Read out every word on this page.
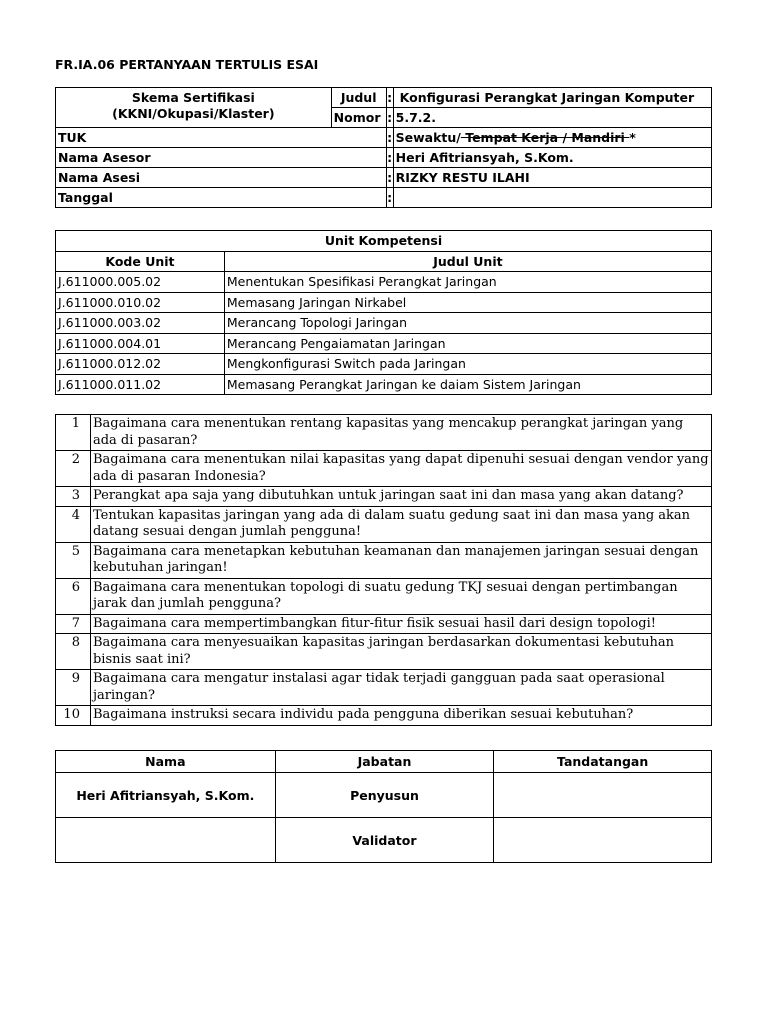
FR.IA.06 PERTANYAAN TERTULIS ESAI
Skema Sertifikasi
(KKNI/Okupasi/Klaster)	Judul	:	Konfigurasi Perangkat Jaringan Komputer
	Nomor	:	5.7.2.
TUK		:	Sewaktu/ Tempat Kerja / Mandiri *
Nama Asesor		:	Heri Afitriansyah, S.Kom.
Nama Asesi		:	RIZKY RESTU ILAHI
Tanggal		:	
Unit Kompetensi	
Kode Unit	Judul Unit
J.611000.005.02	Menentukan Spesifikasi Perangkat Jaringan
J.611000.010.02	Memasang Jaringan Nirkabel
J.611000.003.02	Merancang Topologi Jaringan
J.611000.004.01	Merancang Pengaiamatan Jaringan
J.611000.012.02	Mengkonfigurasi Switch pada Jaringan
J.611000.011.02	Memasang Perangkat Jaringan ke daiam Sistem Jaringan
1	Bagaimana cara menentukan rentang kapasitas yang mencakup perangkat jaringan yang ada di pasaran?
2	Bagaimana cara menentukan nilai kapasitas yang dapat dipenuhi sesuai dengan vendor yang ada di pasaran Indonesia?
3	Perangkat apa saja yang dibutuhkan untuk jaringan saat ini dan masa yang akan datang?
4	Tentukan kapasitas jaringan yang ada di dalam suatu gedung saat ini dan masa yang akan datang sesuai dengan jumlah pengguna!
5	Bagaimana cara menetapkan kebutuhan keamanan dan manajemen jaringan sesuai dengan kebutuhan jaringan!
6	Bagaimana cara menentukan topologi di suatu gedung TKJ sesuai dengan pertimbangan jarak dan jumlah pengguna?
7	Bagaimana cara mempertimbangkan fitur-fitur fisik sesuai hasil dari design topologi!
8	Bagaimana cara menyesuaikan kapasitas jaringan berdasarkan dokumentasi kebutuhan bisnis saat ini?
9	Bagaimana cara mengatur instalasi agar tidak terjadi gangguan pada saat operasional jaringan?
10	Bagaimana instruksi secara individu pada pengguna diberikan sesuai kebutuhan?
Nama	Jabatan	Tandatangan
Heri Afitriansyah, S.Kom.	Penyusun	
	Validator	
